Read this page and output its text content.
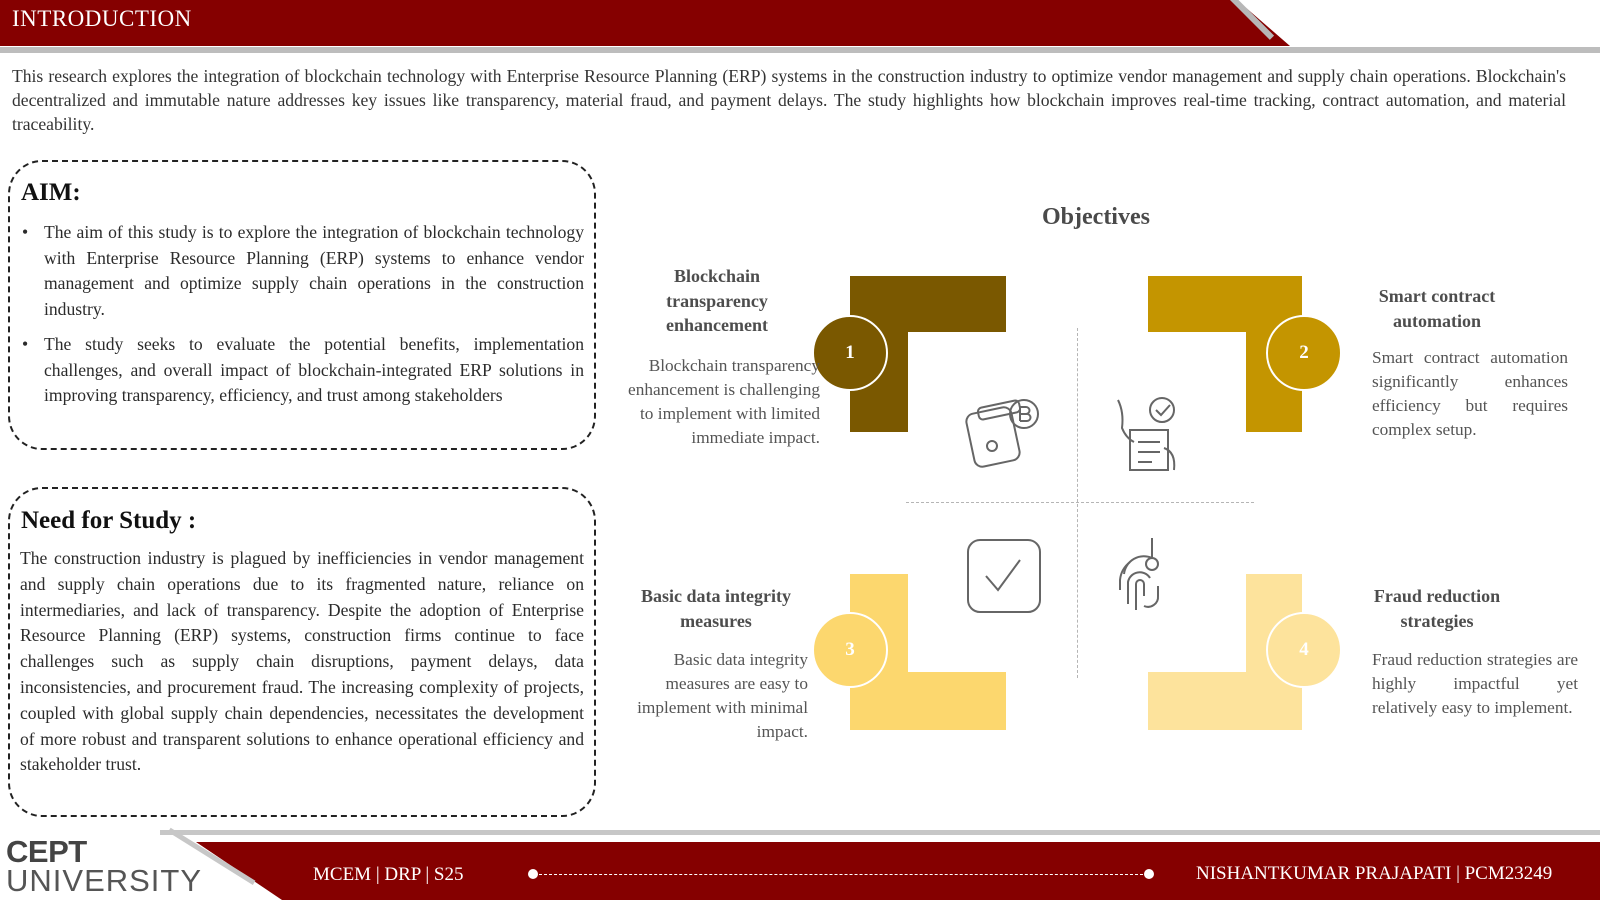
INTRODUCTION
This research explores the integration of blockchain technology with Enterprise Resource Planning (ERP) systems in the construction industry to optimize vendor management and supply chain operations. Blockchain's decentralized and immutable nature addresses key issues like transparency, material fraud, and payment delays. The study highlights how blockchain improves real-time tracking, contract automation, and material traceability.
AIM:
• The aim of this study is to explore the integration of blockchain technology with Enterprise Resource Planning (ERP) systems to enhance vendor management and optimize supply chain operations in the construction industry.
• The study seeks to evaluate the potential benefits, implementation challenges, and overall impact of blockchain-integrated ERP solutions in improving transparency, efficiency, and trust among stakeholders
Need for Study :
The construction industry is plagued by inefficiencies in vendor management and supply chain operations due to its fragmented nature, reliance on intermediaries, and lack of transparency. Despite the adoption of Enterprise Resource Planning (ERP) systems, construction firms continue to face challenges such as supply chain disruptions, payment delays, data inconsistencies, and procurement fraud. The increasing complexity of projects, coupled with global supply chain dependencies, necessitates the development of more robust and transparent solutions to enhance operational efficiency and stakeholder trust.
Objectives
1	2
3	4
Blockchain transparency enhancement
Blockchain transparency enhancement is challenging to implement with limited immediate impact.
Smart contract automation
Smart contract automation significantly enhances efficiency but requires complex setup.
Basic data integrity measures
Basic data integrity measures are easy to implement with minimal impact.
Fraud reduction strategies
Fraud reduction strategies are highly impactful yet relatively easy to implement.
CEPT
UNIVERSITY	MCEM | DRP | S25	NISHANTKUMAR PRAJAPATI | PCM23249
